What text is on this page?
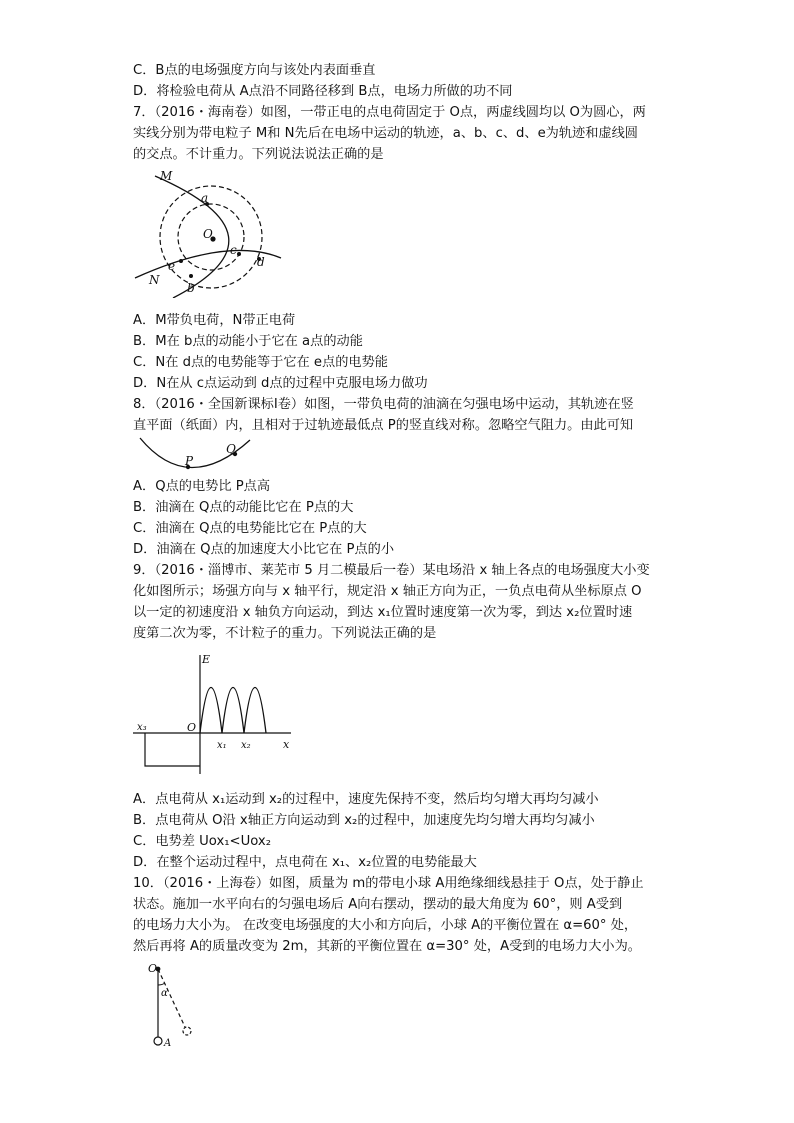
C．B点的电场强度方向与该处内表面垂直
D．将检验电荷从 A点沿不同路径移到 B点，电场力所做的功不同
7．（2016・海南卷）如图，一带正电的点电荷固定于 O点，两虚线圆均以 O为圆心，两
实线分别为带电粒子 M和 N先后在电场中运动的轨迹，a、b、c、d、e为轨迹和虚线圆
的交点。不计重力。下列说法说法正确的是
M
a
O
c
d
e
N
b
A．M带负电荷，N带正电荷
B．M在 b点的动能小于它在 a点的动能
C．N在 d点的电势能等于它在 e点的电势能
D．N在从 c点运动到 d点的过程中克服电场力做功
8．（2016・全国新课标Ⅰ卷）如图，一带负电荷的油滴在匀强电场中运动，其轨迹在竖
直平面（纸面）内，且相对于过轨迹最低点 P的竖直线对称。忽略空气阻力。由此可知
P
Q
A．Q点的电势比 P点高
B．油滴在 Q点的动能比它在 P点的大
C．油滴在 Q点的电势能比它在 P点的大
D．油滴在 Q点的加速度大小比它在 P点的小
9．（2016・淄博市、莱芜市 5 月二模最后一卷）某电场沿 x 轴上各点的电场强度大小变
化如图所示；场强方向与 x 轴平行，规定沿 x 轴正方向为正，一负点电荷从坐标原点 O
以一定的初速度沿 x 轴负方向运动，到达 x₁位置时速度第一次为零，到达 x₂位置时速
度第二次为零，不计粒子的重力。下列说法正确的是
E
x₃	O
x₁ x₂	x
A．点电荷从 x₁运动到 x₂的过程中，速度先保持不变，然后均匀增大再均匀减小
B．点电荷从 O沿 x轴正方向运动到 x₂的过程中，加速度先均匀增大再均匀减小
C．电势差 Uox₁<Uox₂
D．在整个运动过程中，点电荷在 x₁、x₂位置的电势能最大
10．（2016・上海卷）如图，质量为 m的带电小球 A用绝缘细线悬挂于 O点，处于静止
状态。施加一水平向右的匀强电场后 A向右摆动，摆动的最大角度为 60°，则 A受到
的电场力大小为。 在改变电场强度的大小和方向后，小球 A的平衡位置在 α=60° 处，
然后再将 A的质量改变为 2m，其新的平衡位置在 α=30° 处，A受到的电场力大小为。
O
α
A
